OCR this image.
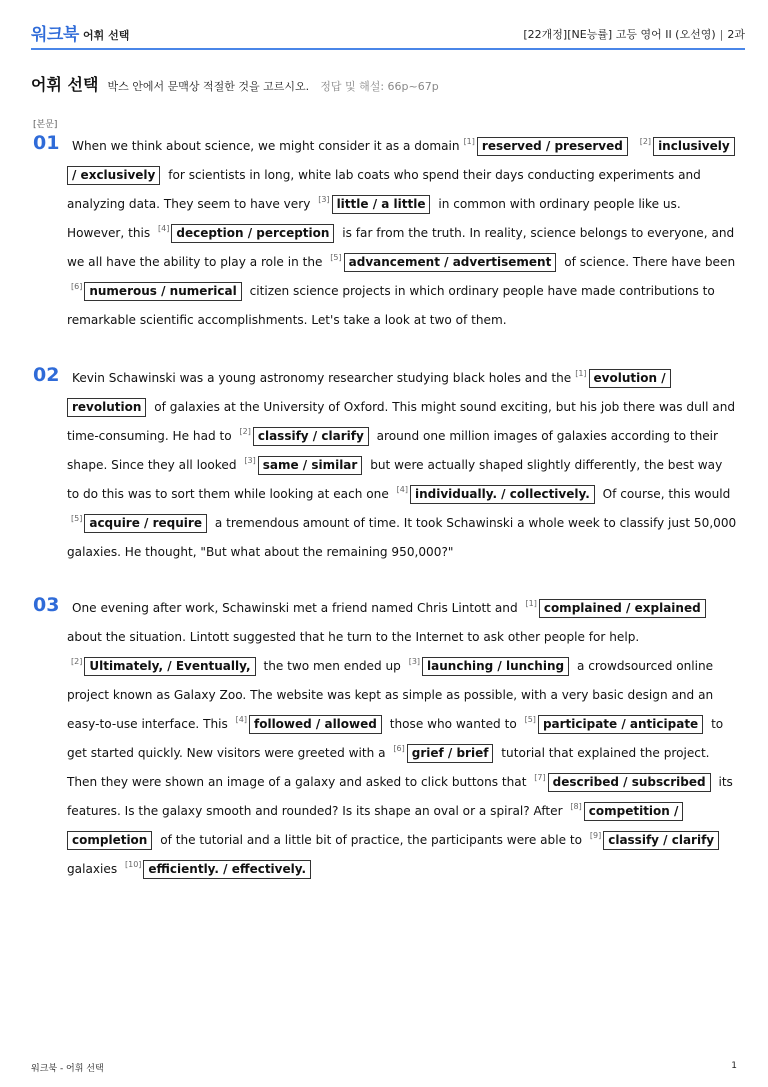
워크북 어휘 선택	[22개정][NE능률] 고등 영어 II (오선영) | 2과
어휘 선택 박스 안에서 문맥상 적절한 것을 고르시오. 정답 및 해설: 66p~67p
[본문]
01	When we think about science, we might consider it as a domain [1] reserved / preserved [2] inclusively / exclusively for scientists in long, white lab coats who spend their days conducting experiments and analyzing data. They seem to have very [3] little / a little in common with ordinary people like us. However, this [4] deception / perception is far from the truth. In reality, science belongs to everyone, and we all have the ability to play a role in the [5] advancement / advertisement of science. There have been [6] numerous / numerical citizen science projects in which ordinary people have made contributions to remarkable scientific accomplishments. Let's take a look at two of them.
02	Kevin Schawinski was a young astronomy researcher studying black holes and the [1] evolution / revolution of galaxies at the University of Oxford. This might sound exciting, but his job there was dull and time-consuming. He had to [2] classify / clarify around one million images of galaxies according to their shape. Since they all looked [3] same / similar but were actually shaped slightly differently, the best way to do this was to sort them while looking at each one [4] individually. / collectively. Of course, this would [5] acquire / require a tremendous amount of time. It took Schawinski a whole week to classify just 50,000 galaxies. He thought, "But what about the remaining 950,000?"
03	One evening after work, Schawinski met a friend named Chris Lintott and [1] complained / explained about the situation. Lintott suggested that he turn to the Internet to ask other people for help. [2] Ultimately, / Eventually, the two men ended up [3] launching / lunching a crowdsourced online project known as Galaxy Zoo. The website was kept as simple as possible, with a very basic design and an easy-to-use interface. This [4] followed / allowed those who wanted to [5] participate / anticipate to get started quickly. New visitors were greeted with a [6] grief / brief tutorial that explained the project. Then they were shown an image of a galaxy and asked to click buttons that [7] described / subscribed its features. Is the galaxy smooth and rounded? Is its shape an oval or a spiral? After [8] competition / completion of the tutorial and a little bit of practice, the participants were able to [9] classify / clarify galaxies [10] efficiently. / effectively.
워크북 - 어휘 선택	1
